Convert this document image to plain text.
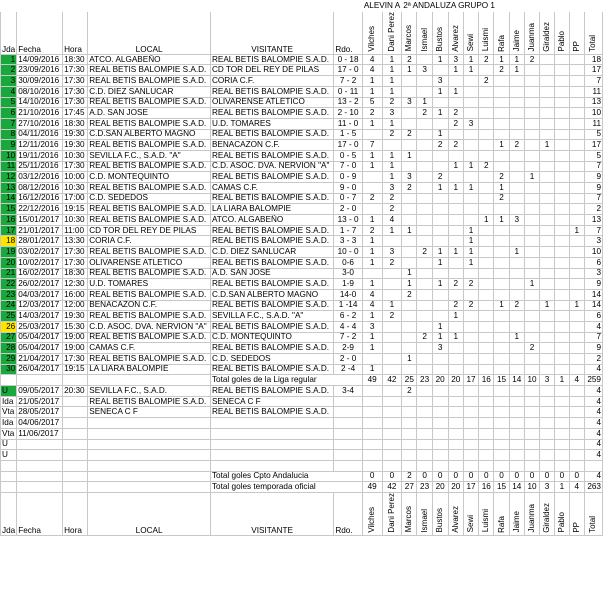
						ALEVIN A		2ª ANDALUZA GRUPO 1												
Jda	Fecha	Hora	LOCAL	VISITANTE	Rdo.	Vilches	Dani Perez	Marcos	Ismael	Bustos	Alvarez	Sewi	Luismi	Rafa	Jaime	Juanma	Giraldez	Pablo	PP	Total
1	14/09/2016	18:30	ATCO. ALGABEÑO	REAL BETIS BALOMPIE S.A.D.	0 - 18	4	1	2		1	3	1	2	1	1	2				18
2	23/09/2016	17:30	REAL BETIS BALOMPIE S.A.D.	CD TOR DEL REY DE PILAS	17 - 0	4	1	1	3		1	1		2	1					17
3	30/09/2016	17:30	REAL BETIS BALOMPIE S.A.D.	CORIA C.F.	7 - 2	1	1			3			2							7
4	08/10/2016	17:30	C.D. DIEZ SANLUCAR	REAL BETIS BALOMPIE S.A.D.	0 - 11	1	1			1	1									11
5	14/10/2016	17:30	REAL BETIS BALOMPIE S.A.D.	OLIVARENSE ATLETICO	13 - 2	5	2	3	1											13
6	21/10/2016	17:45	A.D. SAN JOSE	REAL BETIS BALOMPIE S.A.D.	2 - 10	2	3		2	1	2									10
7	27/10/2016	18:30	REAL BETIS BALOMPIE S.A.D.	U.D. TOMARES	11 - 0	1	1				2	3								11
8	04/11/2016	19:30	C.D.SAN ALBERTO MAGNO	REAL BETIS BALOMPIE S.A.D.	1 - 5		2	2		1										5
9	12/11/2016	19:30	REAL BETIS BALOMPIE S.A.D.	BENACAZON C.F.	17 - 0	7				2	2			1	2		1			17
10	19/11/2016	10:30	SEVILLA F.C., S.A.D. "A"	REAL BETIS BALOMPIE S.A.D.	0 - 5	1	1	1												5
11	25/11/2016	17:30	REAL BETIS BALOMPIE S.A.D.	C.D. ASOC. DVA. NERVION "A"	7 - 0	1	1				1	1	2							7
12	03/12/2016	10:00	C.D. MONTEQUINTO	REAL BETIS BALOMPIE S.A.D.	0 - 9		1	3		2				2		1				9
13	08/12/2016	10:30	REAL BETIS BALOMPIE S.A.D.	CAMAS C.F.	9 - 0		3	2		1	1	1		1						9
14	16/12/2016	17:00	C.D. SEDEDOS	REAL BETIS BALOMPIE S.A.D.	0 - 7	2	2							2						7
15	22/12/2016	19:15	REAL BETIS BALOMPIE S.A.D.	LA LIARA BALOMPIE	2 - 0		2													2
16	15/01/2017	10:30	REAL BETIS BALOMPIE S.A.D.	ATCO. ALGABEÑO	13 - 0	1	4						1	1	3					13
17	21/01/2017	11:00	CD TOR DEL REY DE PILAS	REAL BETIS BALOMPIE S.A.D.	1 - 7	2	1	1				1							1	7
18	28/01/2017	13:30	CORIA C.F.	REAL BETIS BALOMPIE S.A.D.	3 - 3	1						1								3
19	03/02/2017	17:30	REAL BETIS BALOMPIE S.A.D.	C.D. DIEZ SANLUCAR	10 - 0	1	3		2	1	1	1			1					10
20	10/02/2017	17:30	OLIVARENSE ATLETICO	REAL BETIS BALOMPIE S.A.D.	0-6	1	2			1		1								6
21	16/02/2017	18:30	REAL BETIS BALOMPIE S.A.D.	A.D. SAN JOSE	3-0			1												3
22	26/02/2017	12:30	U.D. TOMARES	REAL BETIS BALOMPIE S.A.D.	1-9	1		1		1	2	2				1				9
23	04/03/2017	16:00	REAL BETIS BALOMPIE S.A.D.	C.D.SAN ALBERTO MAGNO	14-0	4		2												14
24	12/03/2017	12:00	BENACAZON C.F.	REAL BETIS BALOMPIE S.A.D.	1 -14	4	1				2	2		1	2		1		1	14
25	14/03/2017	19:30	REAL BETIS BALOMPIE S.A.D.	SEVILLA F.C., S.A.D. "A"	6 - 2	1	2				1									6
26	25/03/2017	15:30	C.D. ASOC. DVA. NERVION "A"	REAL BETIS BALOMPIE S.A.D.	4 - 4	3				1										4
27	05/04/2017	19:00	REAL BETIS BALOMPIE S.A.D.	C.D. MONTEQUINTO	7 - 2	1			2	1	1				1					7
28	05/04/2017	19:00	CAMAS C.F.	REAL BETIS BALOMPIE S.A.D.	2-9	1				3						2				9
29	21/04/2017	17:30	REAL BETIS BALOMPIE S.A.D.	C.D. SEDEDOS	2 - 0			1												2
30	26/04/2017	19:15	LA LIARA BALOMPIE	REAL BETIS BALOMPIE S.A.D.	2 -4	1														4
				Total goles de la Liga regular		49	42	25	23	20	20	17	16	15	14	10	3	1	4	259
U	09/05/2017	20:30	SEVILLA F.C., S.A.D.	REAL BETIS BALOMPIE S.A.D.	3-4			2												4
Ida	21/05/2017		REAL BETIS BALOMPIE S.A.D.	SENECA C F																4
Vta	28/05/2017		SENECA C F	REAL BETIS BALOMPIE S.A.D.																4
Ida	04/06/2017																			4
Vta	11/06/2017																			4
U																				4
U																				4

				Total goles Cpto Andalucia		0	0	2	0	0	0	0	0	0	0	0	0	0	0	4
				Total goles temporada oficial		49	42	27	23	20	20	17	16	15	14	10	3	1	4	263
Jda	Fecha	Hora	LOCAL	VISITANTE	Rdo.	Vilches	Dani Perez	Marcos	Ismael	Bustos	Alvarez	Sewi	Luismi	Rafa	Jaime	Juanma	Giraldez	Pablo	PP	Total
